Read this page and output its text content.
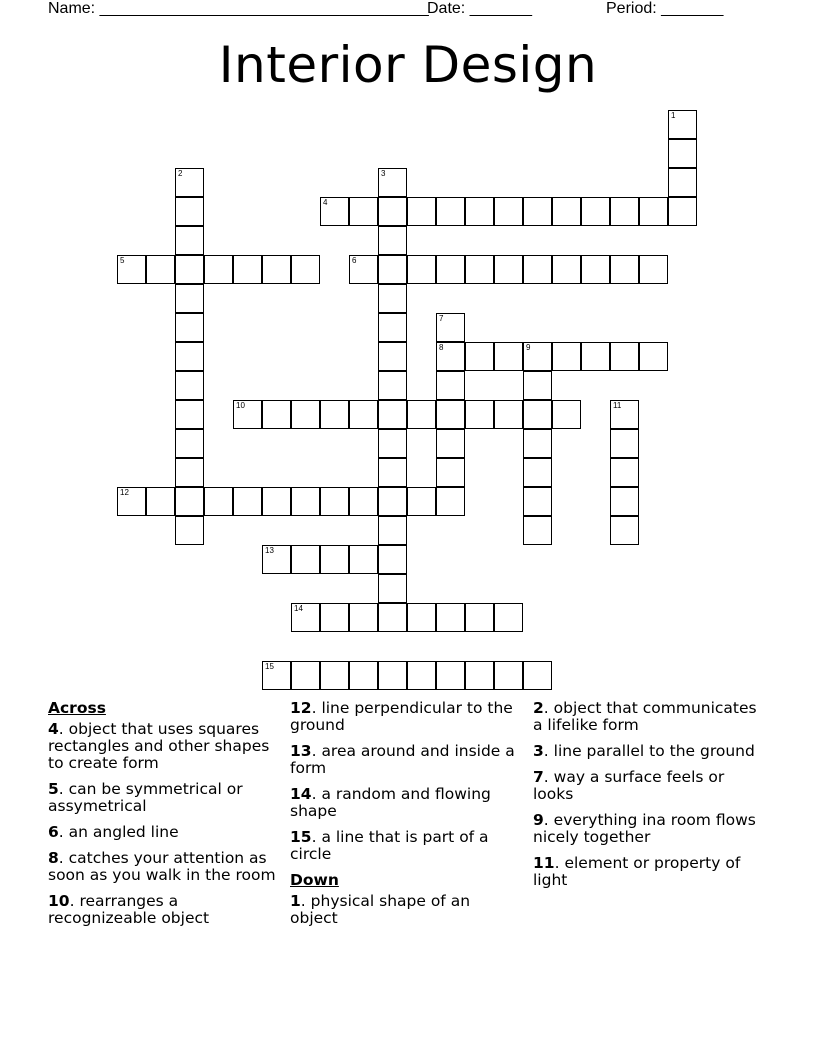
Name: _____________________________________
Date: _______	Period: _______
Interior Design
1
2	3
4
5	6
7
8	9
10	11
12
13
14
15
Across
4. object that uses squares rectangles and other shapes to create form
5. can be symmetrical or assymetrical
6. an angled line
8. catches your attention as soon as you walk in the room
10. rearranges a recognizeable object
12. line perpendicular to the ground
13. area around and inside a form
14. a random and flowing shape
15. a line that is part of a circle
Down
1. physical shape of an object
2. object that communicates a lifelike form
3. line parallel to the ground
7. way a surface feels or looks
9. everything ina room flows nicely together
11. element or property of light
